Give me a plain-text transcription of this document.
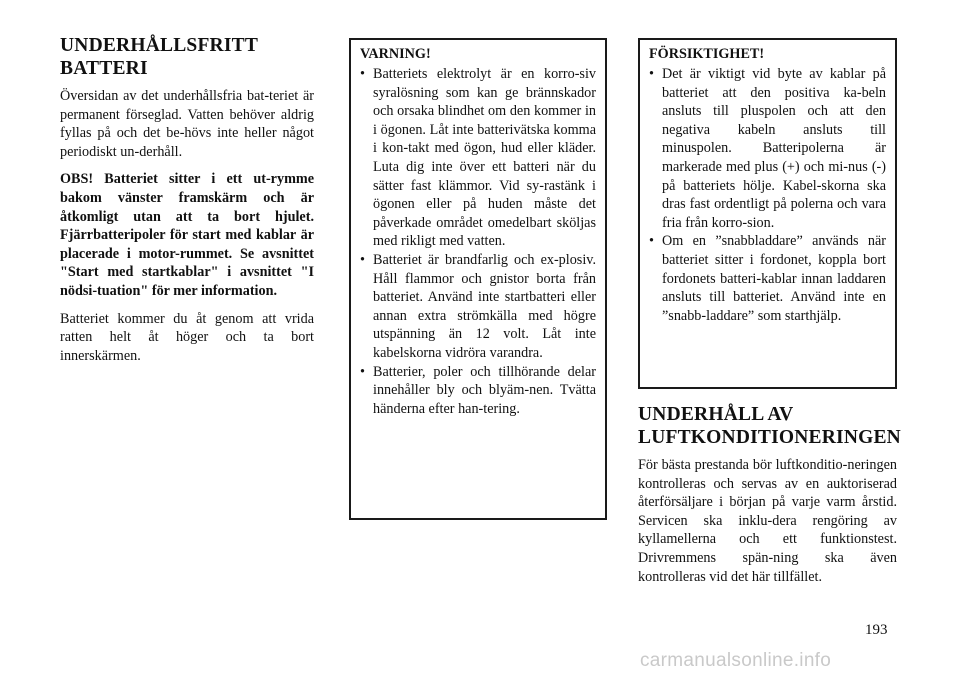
UNDERHÅLLSFRITT BATTERI

Översidan av det underhållsfria bat-teriet är permanent förseglad. Vatten behöver aldrig fyllas på och det be-hövs inte heller något periodiskt un-derhåll.

OBS! Batteriet sitter i ett ut-rymme bakom vänster framskärm och är åtkomligt utan att ta bort hjulet. Fjärrbatteripoler för start med kablar är placerade i motor-rummet. Se avsnittet "Start med startkablar" i avsnittet "I nödsi-tuation" för mer information.

Batteriet kommer du åt genom att vrida ratten helt åt höger och ta bort innerskärmen.

VARNING!
• Batteriets elektrolyt är en korro-siv syralösning som kan ge brännskador och orsaka blindhet om den kommer in i ögonen. Låt inte batterivätska komma i kon-takt med ögon, hud eller kläder. Luta dig inte över ett batteri när du sätter fast klämmor. Vid sy-rastänk i ögonen eller på huden måste det påverkade området omedelbart sköljas med rikligt med vatten.
• Batteriet är brandfarlig och ex-plosiv. Håll flammor och gnistor borta från batteriet. Använd inte startbatteri eller annan extra strömkälla med högre utspänning än 12 volt. Låt inte kabelskorna vidröra varandra.
• Batterier, poler och tillhörande delar innehåller bly och blyäm-nen. Tvätta händerna efter han-tering.
FÖRSIKTIGHET!
• Det är viktigt vid byte av kablar på batteriet att den positiva ka-beln ansluts till pluspolen och att den negativa kabeln ansluts till minuspolen. Batteripolerna är markerade med plus (+) och mi-nus (-) på batteriets hölje. Kabel-skorna ska dras fast ordentligt på polerna och vara fria från korro-sion.
• Om en ”snabbladdare” används när batteriet sitter i fordonet, koppla bort fordonets batteri-kablar innan laddaren ansluts till batteriet. Använd inte en ”snabb-laddare” som starthjälp.
UNDERHÅLL AV LUFTKONDITIONERINGEN

För bästa prestanda bör luftkonditio-neringen kontrolleras och servas av en auktoriserad återförsäljare i början på varje varm årstid. Servicen ska inklu-dera rengöring av kyllamellerna och ett funktionstest. Drivremmens spän-ning ska även kontrolleras vid det här tillfället.

193
carmanualsonline.info
